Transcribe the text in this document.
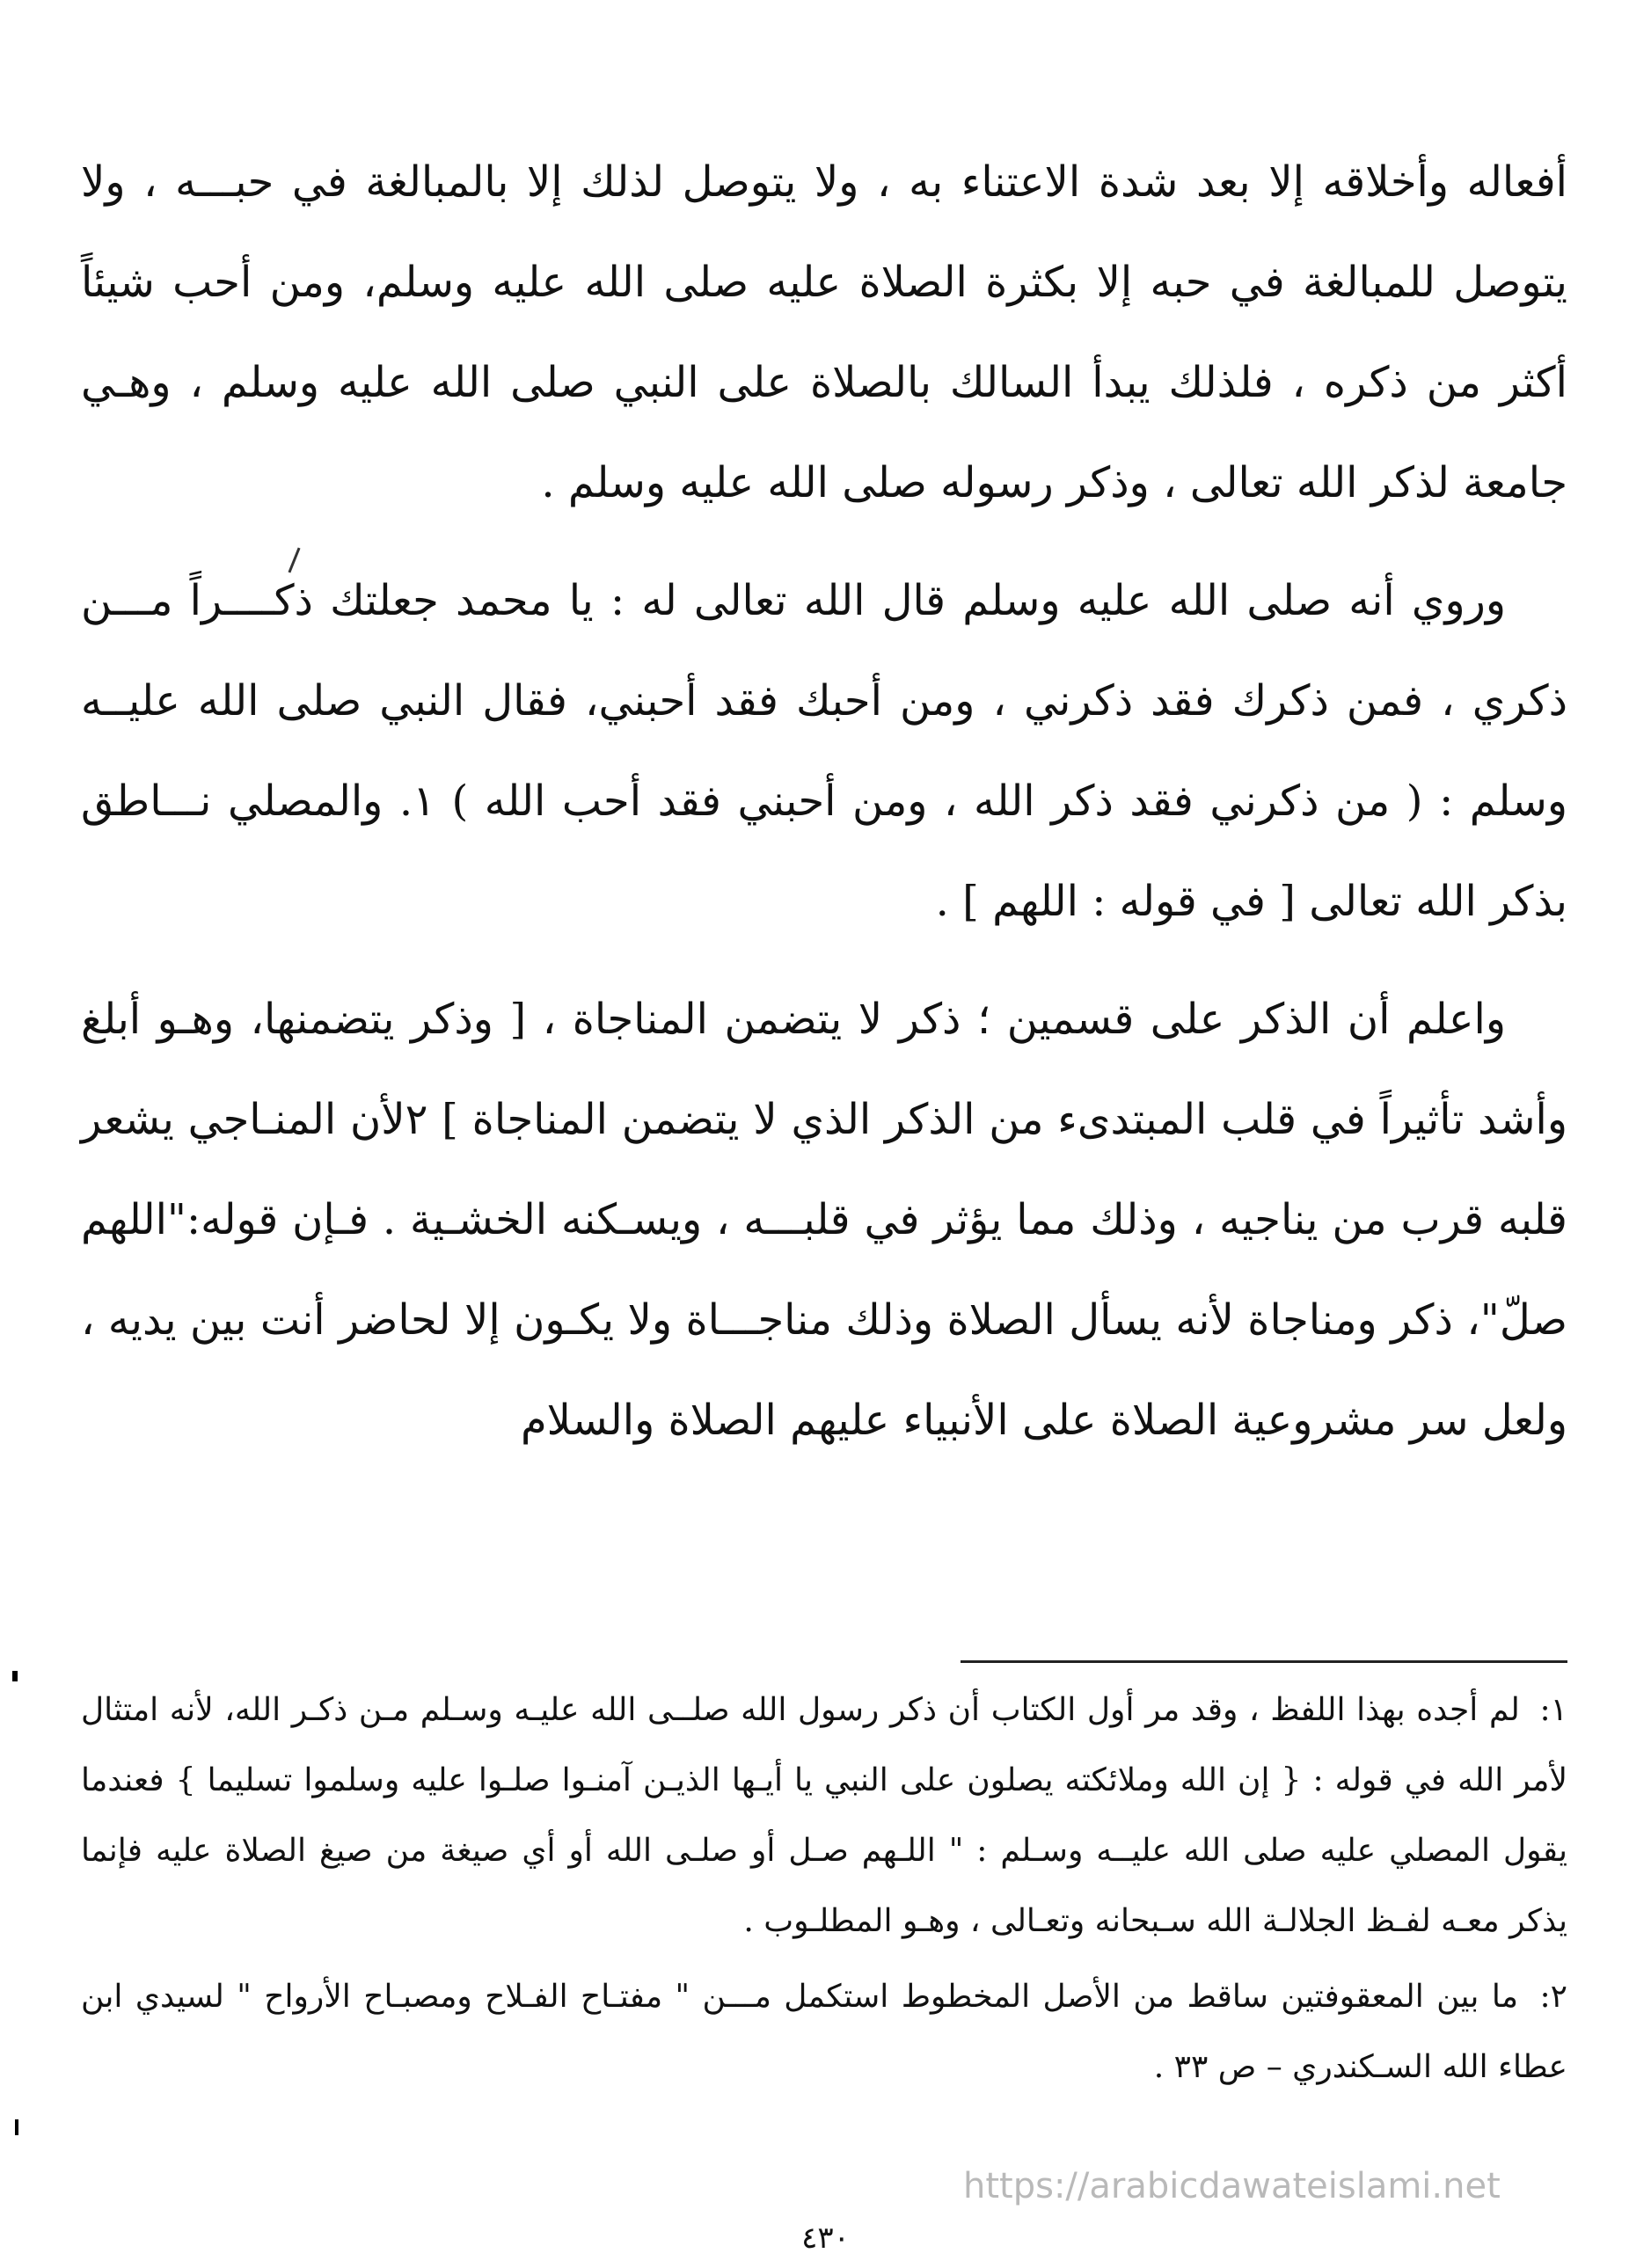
أفعاله وأخلاقه إلا بعد شدة الاعتناء به ، ولا يتوصل لذلك إلا بالمبالغة في حبـــه ، ولا يتوصل للمبالغة في حبه إلا بكثرة الصلاة عليه صلى الله عليه وسلم، ومن أحب شيئاً أكثر من ذكره ، فلذلك يبدأ السالك بالصلاة على النبي صلى الله عليه وسلم ، وهـي جامعة لذكر الله تعالى ، وذكر رسوله صلى الله عليه وسلم .

وروي أنه صلى الله عليه وسلم قال الله تعالى له : يا محمد جعلتك ذكــــراً مـــن ذكري ، فمن ذكرك فقد ذكرني ، ومن أحبك فقد أحبني، فقال النبي صلى الله عليــه وسلم : ( من ذكرني فقد ذكر الله ، ومن أحبني فقد أحب الله ) ١. والمصلي نـــاطق بذكر الله تعالى [ في قوله : اللهم ] .

واعلم أن الذكر على قسمين ؛ ذكر لا يتضمن المناجاة ، [ وذكر يتضمنها، وهـو أبلغ وأشد تأثيراً في قلب المبتدىء من الذكر الذي لا يتضمن المناجاة ] ٢لأن المنـاجي يشعر قلبه قرب من يناجيه ، وذلك مما يؤثر في قلبـــه ، ويسـكنه الخشـية . فـإن قوله:"اللهم صلّ"، ذكر ومناجاة لأنه يسأل الصلاة وذلك مناجـــاة ولا يكـون إلا لحاضر أنت بين يديه ، ولعل سر مشروعية الصلاة على الأنبياء عليهم الصلاة والسلام

١: لم أجده بهذا اللفظ ، وقد مر أول الكتاب أن ذكر رسول الله صلــى الله عليـه وسـلم مـن ذكـر الله، لأنه امتثال لأمر الله في قوله : { إن الله وملائكته يصلون على النبي يا أيـها الذيـن آمنـوا صلـوا عليه وسلموا تسليما } فعندما يقول المصلي عليه صلى الله عليــه وسـلم : " اللـهم صـل أو صلـى الله أو أي صيغة من صيغ الصلاة عليه فإنما يذكر معـه لفـظ الجلالـة الله سـبحانه وتعـالى ، وهـو المطلـوب .

٢: ما بين المعقوفتين ساقط من الأصل المخطوط استكمل مـــن " مفتـاح الفـلاح ومصبـاح الأرواح " لسيدي ابن عطاء الله السـكندري – ص ٣٣ .

https://arabicdawateislami.net
٤٣٠
